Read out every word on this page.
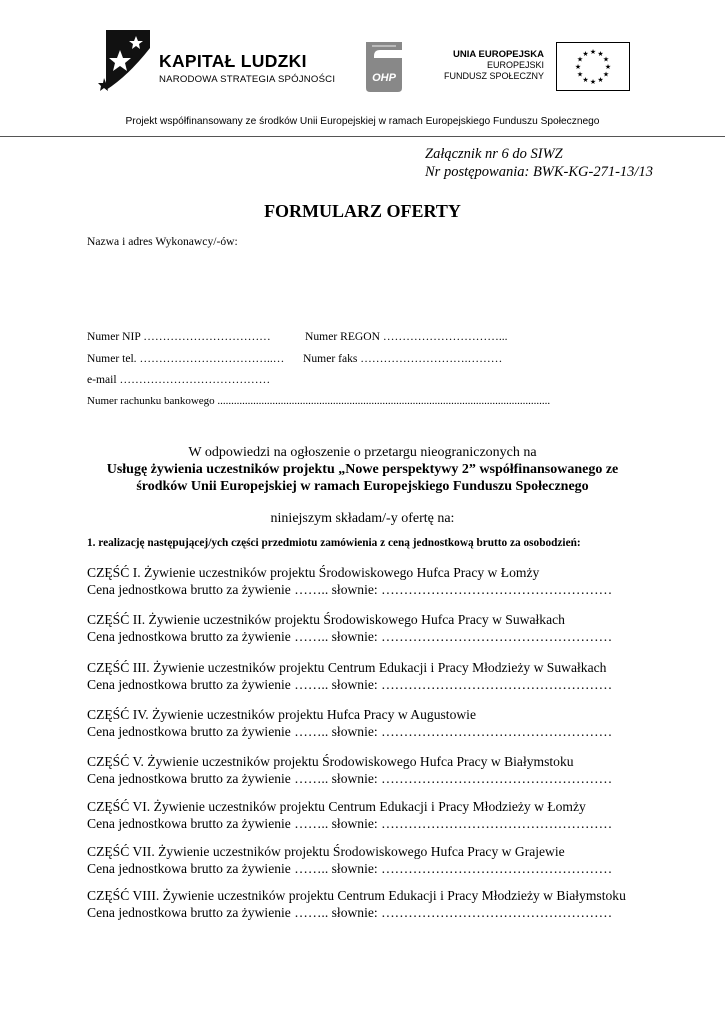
KAPITAŁ LUDZKI
NARODOWA STRATEGIA SPÓJNOŚCI	OHP
UNIA EUROPEJSKA
EUROPEJSKI
FUNDUSZ SPOŁECZNY
★ ★
★
★
★
★
★
★
★
★
★
★
Projekt współfinansowany ze środków Unii Europejskiej w ramach Europejskiego Funduszu Społecznego
Załącznik nr 6 do SIWZ
Nr postępowania: BWK-KG-271-13/13
FORMULARZ OFERTY
Nazwa i adres Wykonawcy/-ów:
Numer NIP ……………………………	Numer REGON …………………………...
Numer tel. ……………………………..… Numer faks ……………………….………
e-mail …………………………………
Numer rachunku bankowego .........................................................................................................................
W odpowiedzi na ogłoszenie o przetargu nieograniczonych na
Usługę żywienia uczestników projektu „Nowe perspektywy 2” współfinansowanego ze
środków Unii Europejskiej w ramach Europejskiego Funduszu Społecznego
niniejszym składam/-y ofertę na:
1. realizację następującej/ych części przedmiotu zamówienia z ceną jednostkową brutto za osobodzień:
CZĘŚĆ I. Żywienie uczestników projektu Środowiskowego Hufca Pracy w Łomży
Cena jednostkowa brutto za żywienie …….. słownie: ……………………………………………
CZĘŚĆ II. Żywienie uczestników projektu Środowiskowego Hufca Pracy w Suwałkach
Cena jednostkowa brutto za żywienie …….. słownie: ……………………………………………
CZĘŚĆ III. Żywienie uczestników projektu Centrum Edukacji i Pracy Młodzieży w Suwałkach
Cena jednostkowa brutto za żywienie …….. słownie: ……………………………………………
CZĘŚĆ IV. Żywienie uczestników projektu Hufca Pracy w Augustowie
Cena jednostkowa brutto za żywienie …….. słownie: ……………………………………………
CZĘŚĆ V. Żywienie uczestników projektu Środowiskowego Hufca Pracy w Białymstoku
Cena jednostkowa brutto za żywienie …….. słownie: ……………………………………………
CZĘŚĆ VI. Żywienie uczestników projektu Centrum Edukacji i Pracy Młodzieży w Łomży
Cena jednostkowa brutto za żywienie …….. słownie: ……………………………………………
CZĘŚĆ VII. Żywienie uczestników projektu Środowiskowego Hufca Pracy w Grajewie
Cena jednostkowa brutto za żywienie …….. słownie: ……………………………………………
CZĘŚĆ VIII. Żywienie uczestników projektu Centrum Edukacji i Pracy Młodzieży w Białymstoku
Cena jednostkowa brutto za żywienie …….. słownie: ……………………………………………
